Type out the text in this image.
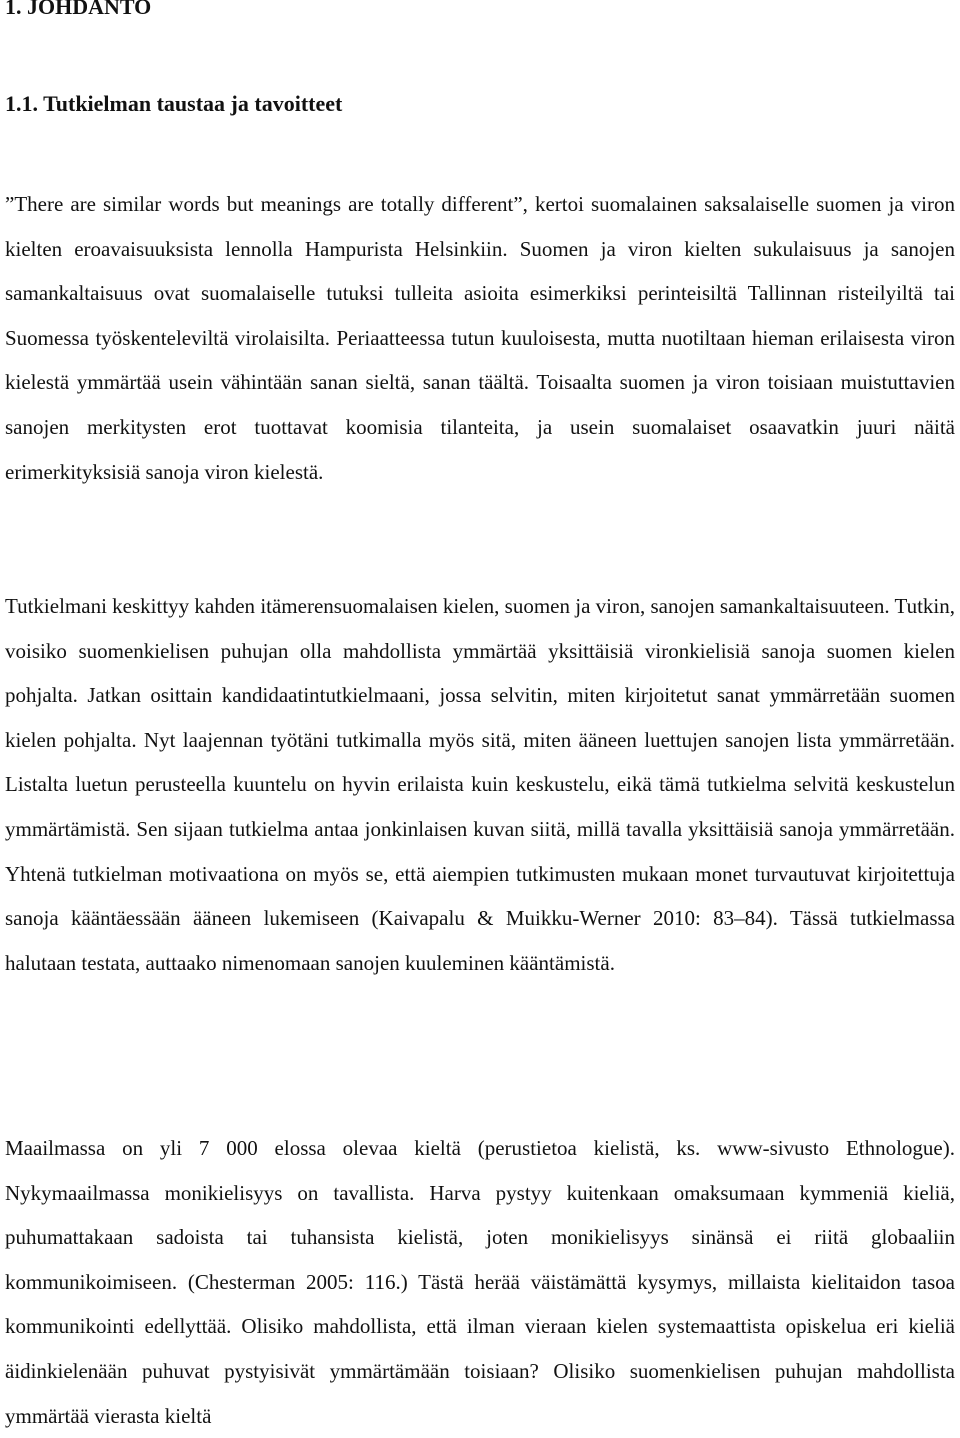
1. JOHDANTO
1.1. Tutkielman taustaa ja tavoitteet

”There are similar words but meanings are totally different”, kertoi suomalainen saksalaiselle suomen ja viron kielten eroavaisuuksista lennolla Hampurista Helsinkiin. Suomen ja viron kielten sukulaisuus ja sanojen samankaltaisuus ovat suomalaiselle tutuksi tulleita asioita esimerkiksi perinteisiltä Tallinnan risteilyiltä tai Suomessa työskenteleviltä virolaisilta. Periaatteessa tutun kuuloisesta, mutta nuotiltaan hieman erilaisesta viron kielestä ymmärtää usein vähintään sanan sieltä, sanan täältä. Toisaalta suomen ja viron toisiaan muistuttavien sanojen merkitysten erot tuottavat koomisia tilanteita, ja usein suomalaiset osaavatkin juuri näitä erimerkityksisiä sanoja viron kielestä.

Tutkielmani keskittyy kahden itämerensuomalaisen kielen, suomen ja viron, sanojen samankaltaisuuteen. Tutkin, voisiko suomenkielisen puhujan olla mahdollista ymmärtää yksittäisiä vironkielisiä sanoja suomen kielen pohjalta. Jatkan osittain kandidaatintutkielmaani, jossa selvitin, miten kirjoitetut sanat ymmärretään suomen kielen pohjalta. Nyt laajennan työtäni tutkimalla myös sitä, miten ääneen luettujen sanojen lista ymmärretään. Listalta luetun perusteella kuuntelu on hyvin erilaista kuin keskustelu, eikä tämä tutkielma selvitä keskustelun ymmärtämistä. Sen sijaan tutkielma antaa jonkinlaisen kuvan siitä, millä tavalla yksittäisiä sanoja ymmärretään. Yhtenä tutkielman motivaationa on myös se, että aiempien tutkimusten mukaan monet turvautuvat kirjoitettuja sanoja kääntäessään ääneen lukemiseen (Kaivapalu & Muikku-Werner 2010: 83–84). Tässä tutkielmassa halutaan testata, auttaako nimenomaan sanojen kuuleminen kääntämistä.

Maailmassa on yli 7 000 elossa olevaa kieltä (perustietoa kielistä, ks. www-sivusto Ethnologue). Nykymaailmassa monikielisyys on tavallista. Harva pystyy kuitenkaan omaksumaan kymmeniä kieliä, puhumattakaan sadoista tai tuhansista kielistä, joten monikielisyys sinänsä ei riitä globaaliin kommunikoimiseen. (Chesterman 2005: 116.) Tästä herää väistämättä kysymys, millaista kielitaidon tasoa kommunikointi edellyttää. Olisiko mahdollista, että ilman vieraan kielen systemaattista opiskelua eri kieliä äidinkielenään puhuvat pystyisivät ymmärtämään toisiaan? Olisiko suomenkielisen puhujan mahdollista ymmärtää vierasta kieltä
